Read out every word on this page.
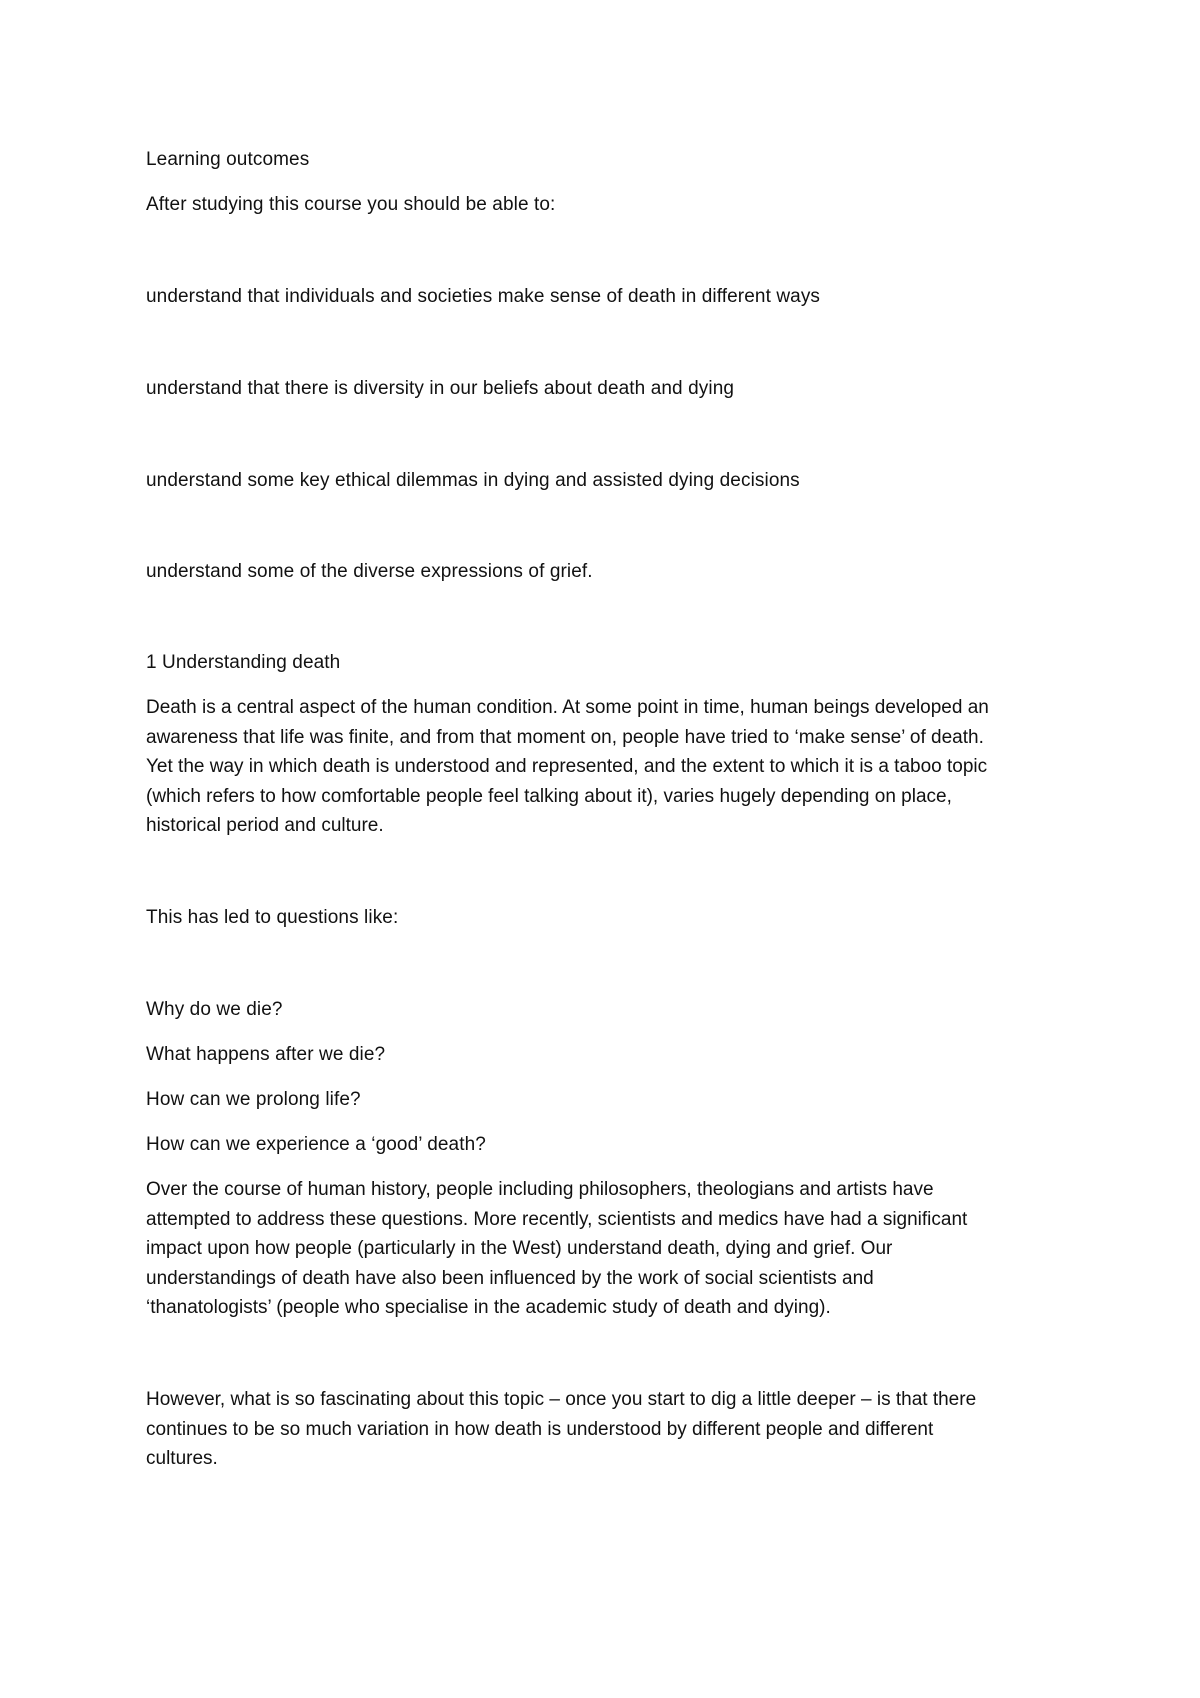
Learning outcomes

After studying this course you should be able to:

understand that individuals and societies make sense of death in different ways

understand that there is diversity in our beliefs about death and dying

understand some key ethical dilemmas in dying and assisted dying decisions

understand some of the diverse expressions of grief.

1 Understanding death

Death is a central aspect of the human condition. At some point in time, human beings developed an
awareness that life was finite, and from that moment on, people have tried to ‘make sense’ of death.
Yet the way in which death is understood and represented, and the extent to which it is a taboo topic
(which refers to how comfortable people feel talking about it), varies hugely depending on place,
historical period and culture.

This has led to questions like:

Why do we die?

What happens after we die?

How can we prolong life?

How can we experience a ‘good’ death?

Over the course of human history, people including philosophers, theologians and artists have
attempted to address these questions. More recently, scientists and medics have had a significant
impact upon how people (particularly in the West) understand death, dying and grief. Our
understandings of death have also been influenced by the work of social scientists and
‘thanatologists’ (people who specialise in the academic study of death and dying).
However, what is so fascinating about this topic – once you start to dig a little deeper – is that there
continues to be so much variation in how death is understood by different people and different
cultures.
